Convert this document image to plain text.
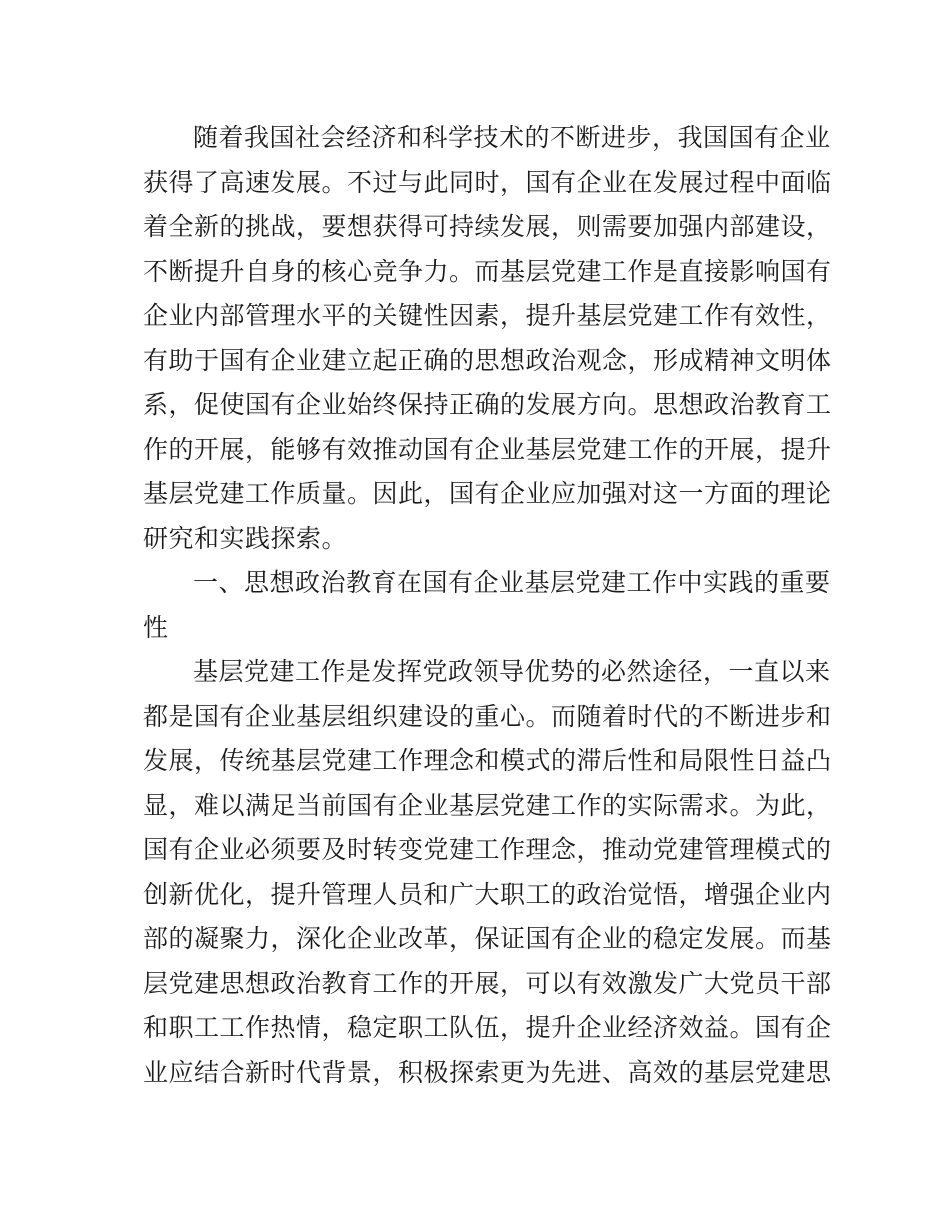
随着我国社会经济和科学技术的不断进步，我国国有企业
获得了高速发展。不过与此同时，国有企业在发展过程中面临
着全新的挑战，要想获得可持续发展，则需要加强内部建设，
不断提升自身的核心竞争力。而基层党建工作是直接影响国有
企业内部管理水平的关键性因素，提升基层党建工作有效性，
有助于国有企业建立起正确的思想政治观念，形成精神文明体
系，促使国有企业始终保持正确的发展方向。思想政治教育工
作的开展，能够有效推动国有企业基层党建工作的开展，提升
基层党建工作质量。因此，国有企业应加强对这一方面的理论
研究和实践探索。
一、思想政治教育在国有企业基层党建工作中实践的重要
性
基层党建工作是发挥党政领导优势的必然途径，一直以来
都是国有企业基层组织建设的重心。而随着时代的不断进步和
发展，传统基层党建工作理念和模式的滞后性和局限性日益凸
显，难以满足当前国有企业基层党建工作的实际需求。为此，
国有企业必须要及时转变党建工作理念，推动党建管理模式的
创新优化，提升管理人员和广大职工的政治觉悟，增强企业内
部的凝聚力，深化企业改革，保证国有企业的稳定发展。而基
层党建思想政治教育工作的开展，可以有效激发广大党员干部
和职工工作热情，稳定职工队伍，提升企业经济效益。国有企
业应结合新时代背景，积极探索更为先进、高效的基层党建思
